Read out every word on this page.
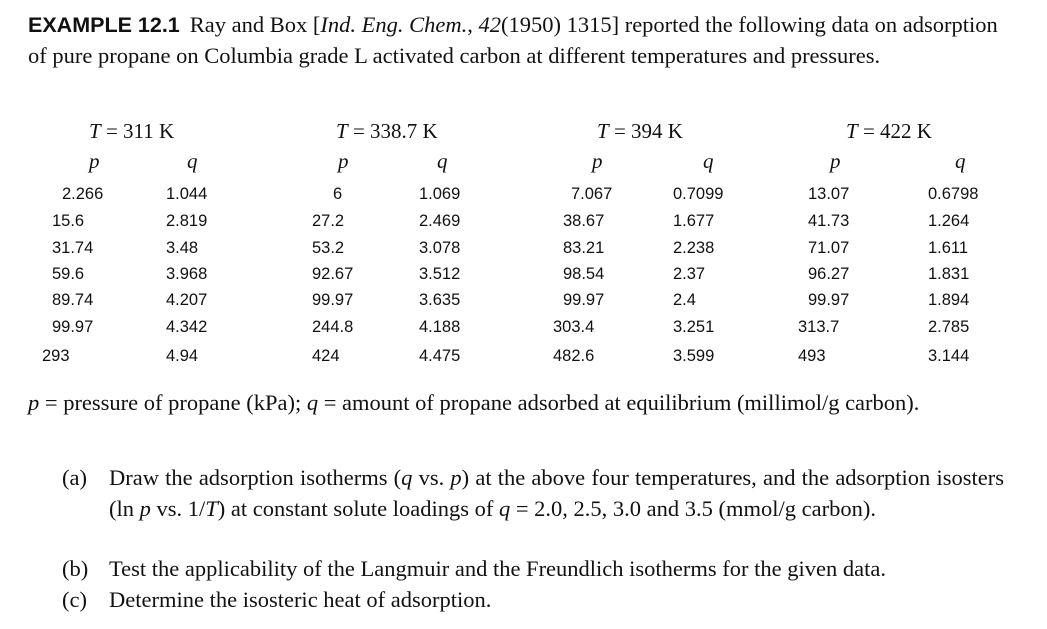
EXAMPLE 12.1 Ray and Box [Ind. Eng. Chem., 42(1950) 1315] reported the following data on adsorption of pure propane on Columbia grade L activated carbon at different temperatures and pressures.
T = 311 K	T = 338.7 K	T = 394 K	T = 422 K
p	q	p	q	p	q	p	q
2.266	1.044	6	1.069	7.067	0.7099	13.07	0.6798
15.6	2.819	27.2	2.469	38.67	1.677	41.73	1.264
31.74	3.48	53.2	3.078	83.21	2.238	71.07	1.611
59.6	3.968	92.67	3.512	98.54	2.37	96.27	1.831
89.74	4.207	99.97	3.635	99.97	2.4	99.97	1.894
99.97	4.342	244.8	4.188	303.4	3.251	313.7	2.785
293	4.94	424	4.475	482.6	3.599	493	3.144
p = pressure of propane (kPa); q = amount of propane adsorbed at equilibrium (millimol/g carbon).
(a) Draw the adsorption isotherms (q vs. p) at the above four temperatures, and the adsorption isosters (ln p vs. 1/T) at constant solute loadings of q = 2.0, 2.5, 3.0 and 3.5 (mmol/g carbon).
(b) Test the applicability of the Langmuir and the Freundlich isotherms for the given data.
(c) Determine the isosteric heat of adsorption.
